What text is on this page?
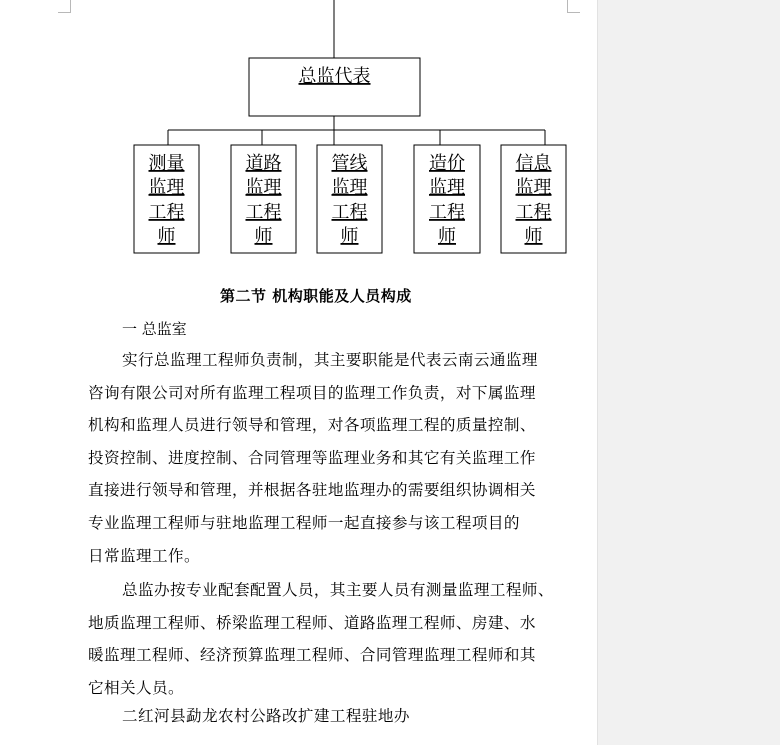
总监代表
测量
监理
工程
师
道路
监理
工程
师
管线
监理
工程
师
造价
监理
工程
师
信息
监理
工程
师
第二节 机构职能及人员构成
一 总监室
实行总监理工程师负责制，其主要职能是代表云南云通监理
咨询有限公司对所有监理工程项目的监理工作负责，对下属监理
机构和监理人员进行领导和管理，对各项监理工程的质量控制、
投资控制、进度控制、合同管理等监理业务和其它有关监理工作
直接进行领导和管理，并根据各驻地监理办的需要组织协调相关
专业监理工程师与驻地监理工程师一起直接参与该工程项目的
日常监理工作。
总监办按专业配套配置人员，其主要人员有测量监理工程师、
地质监理工程师、桥梁监理工程师、道路监理工程师、房建、水
暖监理工程师、经济预算监理工程师、合同管理监理工程师和其
它相关人员。
二红河县勐龙农村公路改扩建工程驻地办
